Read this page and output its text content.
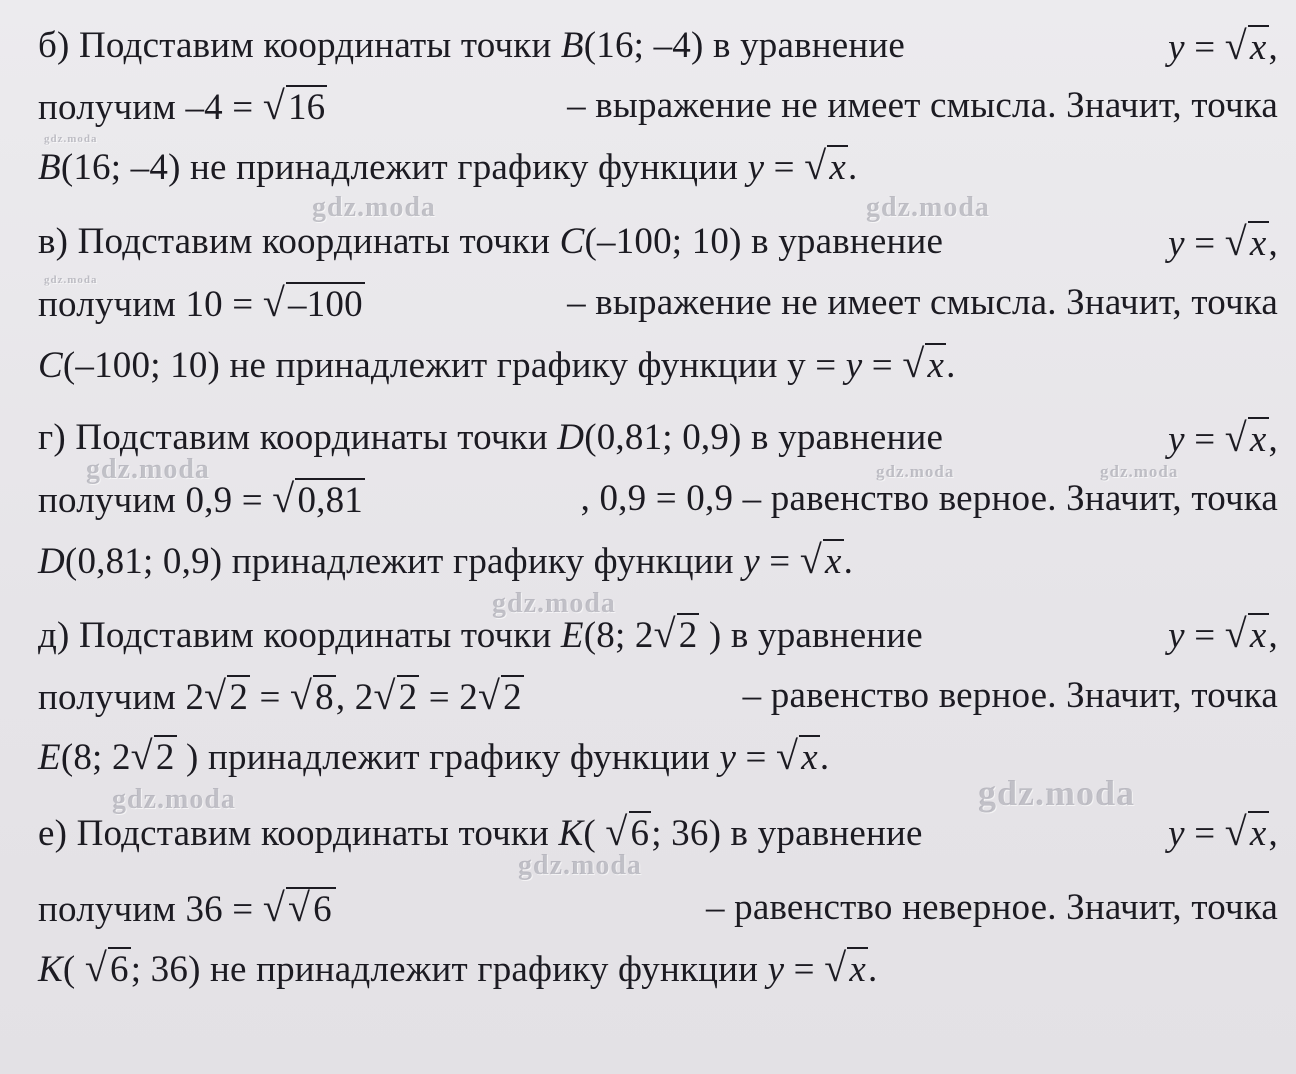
б) Подставим координаты точки B(16; –4) в уравнение	y = √x,
получим –4 = √16	– выражение не имеет смысла. Значит, точка
B(16; –4) не принадлежит графику функции y = √x.
в) Подставим координаты точки C(–100; 10) в уравнение	y = √x,
получим 10 = √–100	– выражение не имеет смысла. Значит, точка
C(–100; 10) не принадлежит графику функции у = y = √x.
г) Подставим координаты точки D(0,81; 0,9) в уравнение	y = √x,
получим 0,9 = √0,81	, 0,9 = 0,9 – равенство верное. Значит, точка
D(0,81; 0,9) принадлежит графику функции y = √x.
д) Подставим координаты точки E(8; 2√2 ) в уравнение	y = √x,
получим 2√2 = √8, 2√2 = 2√2	– равенство верное. Значит, точка
E(8; 2√2 ) принадлежит графику функции y = √x.
е) Подставим координаты точки K( √6; 36) в уравнение	y = √x,
получим 36 = √√6	– равенство неверное. Значит, точка
K( √6; 36) не принадлежит графику функции y = √x.
gdz.moda
gdz.moda	gdz.moda
gdz.moda
gdz.moda	gdz.moda	gdz.moda
gdz.moda
gdz.moda	gdz.moda
gdz.moda
